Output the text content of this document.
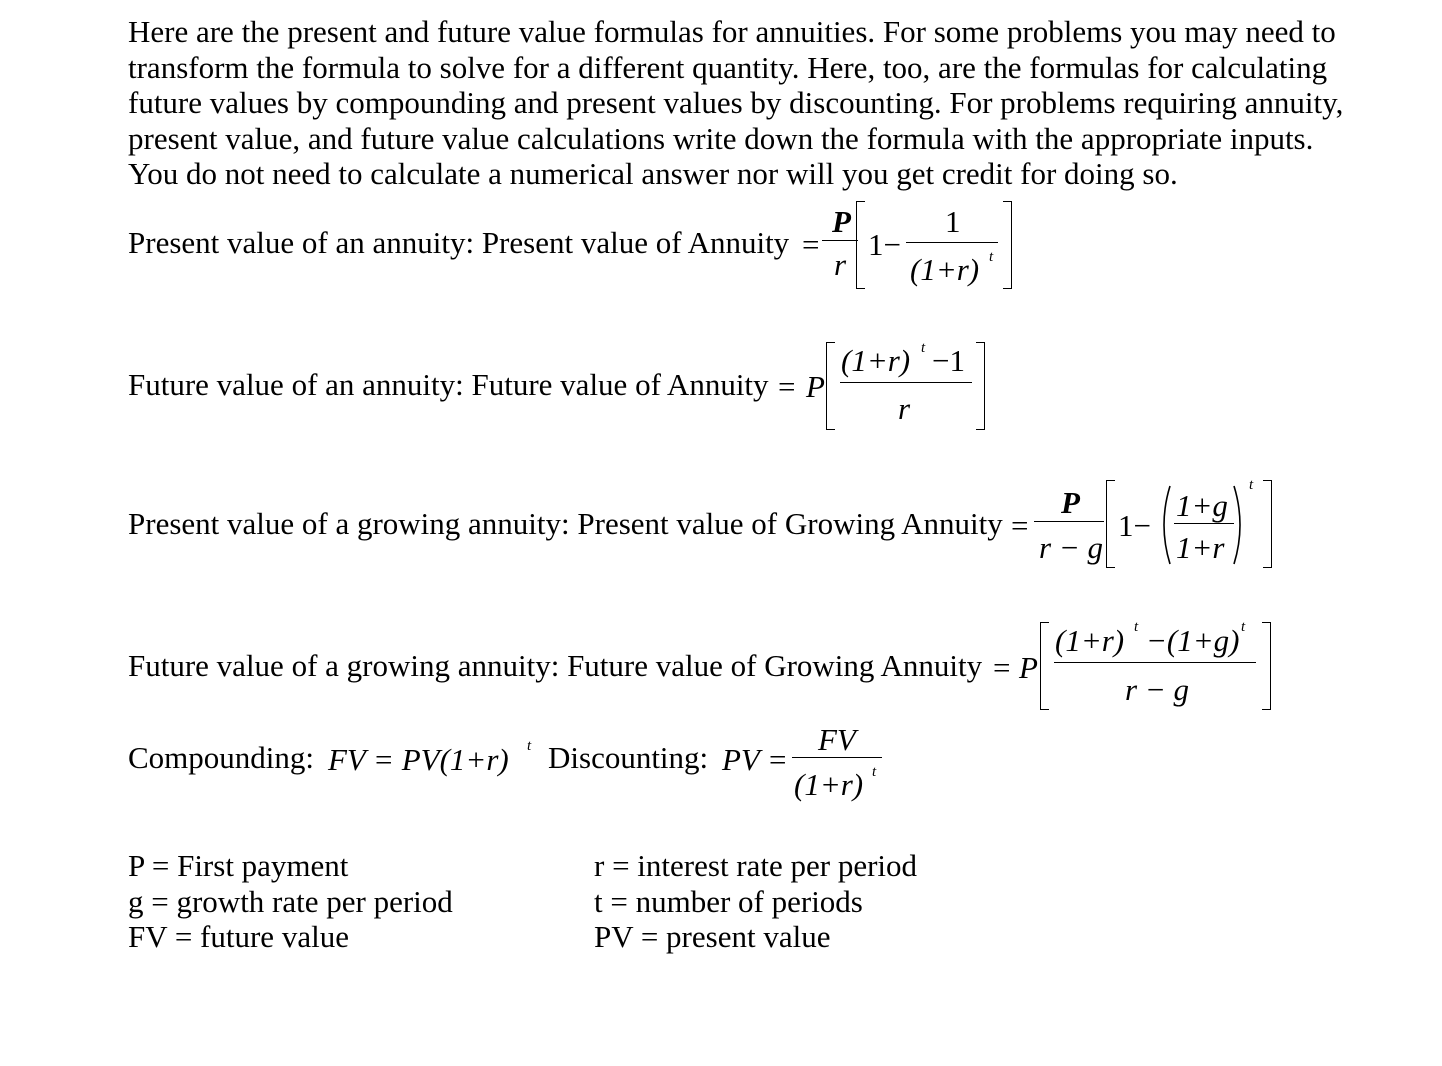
Here are the present and future value formulas for annuities. For some problems you may need to

transform the formula to solve for a different quantity. Here, too, are the formulas for calculating

future values by compounding and present values by discounting. For problems requiring annuity,

present value, and future value calculations write down the formula with the appropriate inputs.

You do not need to calculate a numerical answer nor will you get credit for doing so.

Present value of an annuity: Present value of Annuity =
P
r
1−
1
(1+r) t
Future value of an annuity: Future value of Annuity = P
(1+r) t −1
r
Present value of a growing annuity: Present value of Growing Annuity =
P
r − g
1−
1+g
1+r
t
Future value of a growing annuity: Future value of Growing Annuity = P
(1+r) t −(1+g) t
r − g
Compounding: FV = PV(1+r) t Discounting: PV =
FV
(1+r) t

P = First payment

g = growth rate per period

FV = future value

r = interest rate per period

t = number of periods

PV = present value
